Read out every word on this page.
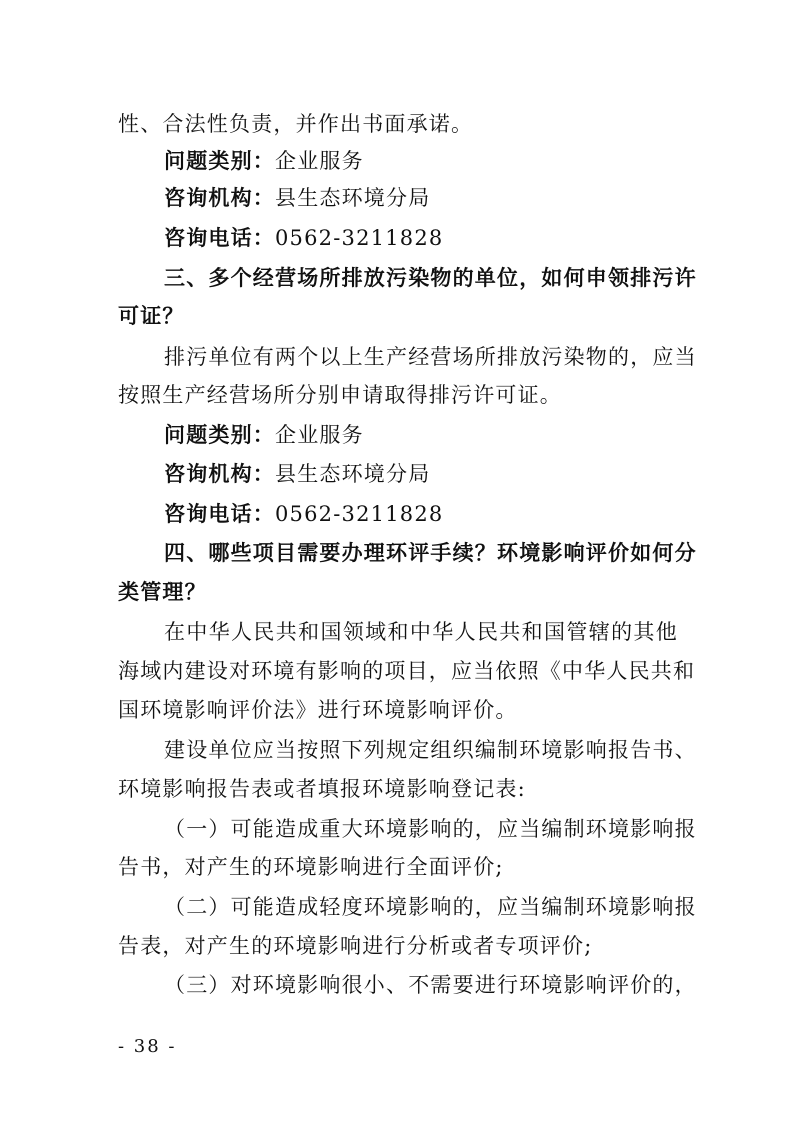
性、合法性负责，并作出书面承诺。
问题类别：企业服务
咨询机构：县生态环境分局
咨询电话：0562-3211828
三、多个经营场所排放污染物的单位，如何申领排污许
可证？
排污单位有两个以上生产经营场所排放污染物的，应当
按照生产经营场所分别申请取得排污许可证。
问题类别：企业服务
咨询机构：县生态环境分局
咨询电话：0562-3211828
四、哪些项目需要办理环评手续？环境影响评价如何分
类管理？
在中华人民共和国领域和中华人民共和国管辖的其他
海域内建设对环境有影响的项目，应当依照《中华人民共和
国环境影响评价法》进行环境影响评价。
建设单位应当按照下列规定组织编制环境影响报告书、
环境影响报告表或者填报环境影响登记表:
（一）可能造成重大环境影响的，应当编制环境影响报
告书，对产生的环境影响进行全面评价;
（二）可能造成轻度环境影响的，应当编制环境影响报
告表，对产生的环境影响进行分析或者专项评价;
（三）对环境影响很小、不需要进行环境影响评价的，
- 38 -
